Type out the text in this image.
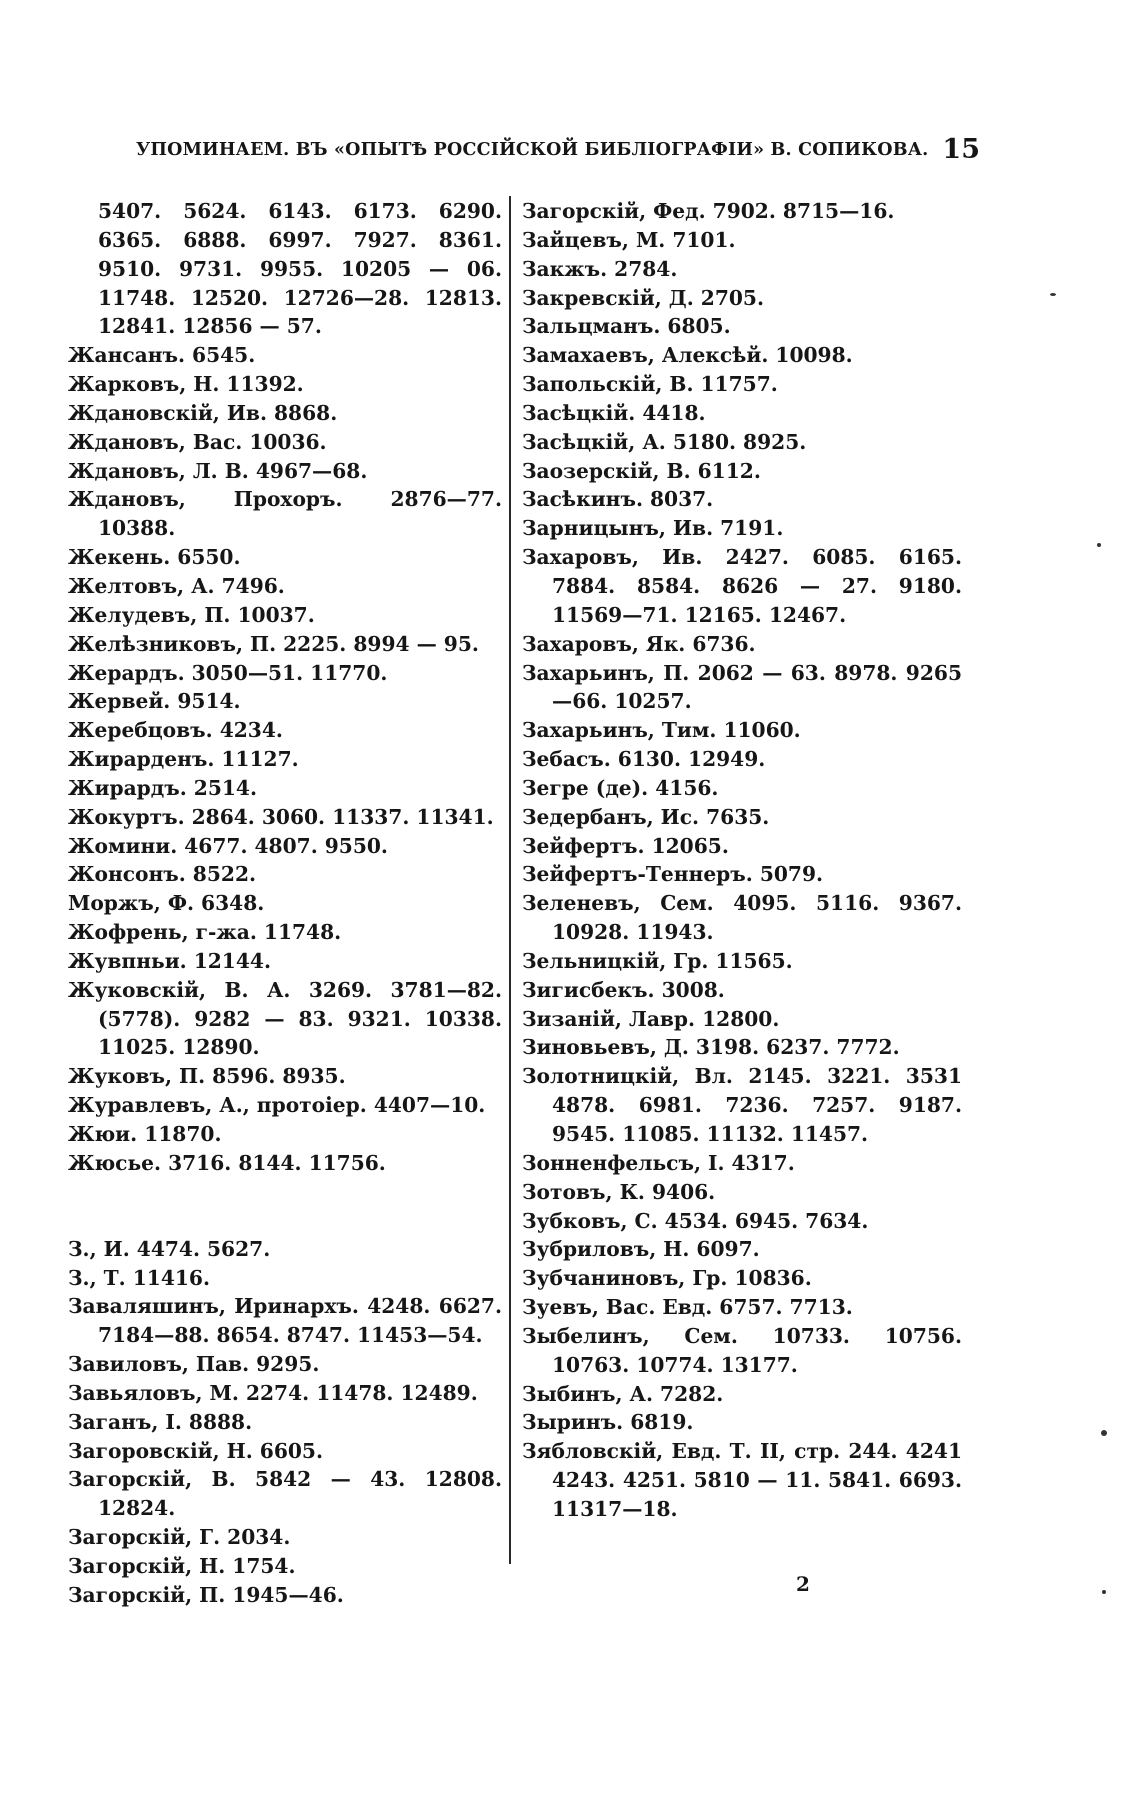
УПОМИНАЕМ. ВЪ «ОПЫТѢ РОССІЙСКОЙ БИБЛІОГРАФІИ» В. СОПИКОВА. 15

5407. 5624. 6143. 6173. 6290. 6365. 6888. 6997. 7927. 8361. 9510. 9731. 9955. 10205 — 06. 11748. 12520. 12726—28. 12813. 12841. 12856 — 57.

Жансанъ. 6545.

Жарковъ, Н. 11392.

Ждановскій, Ив. 8868.

Ждановъ, Вас. 10036.

Ждановъ, Л. В. 4967—68.

Ждановъ, Прохоръ. 2876—77. 10388.

Жекень. 6550.

Желтовъ, А. 7496.

Желудевъ, П. 10037.

Желѣзниковъ, П. 2225. 8994 — 95.

Жерардъ. 3050—51. 11770.

Жервей. 9514.

Жеребцовъ. 4234.

Жирарденъ. 11127.

Жирардъ. 2514.

Жокуртъ. 2864. 3060. 11337. 11341.

Жомини. 4677. 4807. 9550.

Жонсонъ. 8522.

Моржъ, Ф. 6348.

Жофрень, г-жа. 11748.

Жувпньи. 12144.

Жуковскій, В. А. 3269. 3781—82. (5778). 9282 — 83. 9321. 10338. 11025. 12890.

Жуковъ, П. 8596. 8935.

Журавлевъ, А., протоіер. 4407—10.

Жюи. 11870.

Жюсье. 3716. 8144. 11756.

З., И. 4474. 5627.

З., Т. 11416.

Заваляшинъ, Иринархъ. 4248. 6627. 7184—88. 8654. 8747. 11453—54.

Завиловъ, Пав. 9295.

Завьяловъ, М. 2274. 11478. 12489.

Заганъ, І. 8888.

Загоровскій, Н. 6605.

Загорскій, В. 5842 — 43. 12808. 12824.

Загорскій, Г. 2034.

Загорскій, Н. 1754.

Загорскій, П. 1945—46.

Загорскій, Фед. 7902. 8715—16.

Зайцевъ, М. 7101.

Закжъ. 2784.

Закревскій, Д. 2705.

Зальцманъ. 6805.

Замахаевъ, Алексѣй. 10098.

Запольскій, В. 11757.

Засѣцкій. 4418.

Засѣцкій, А. 5180. 8925.

Заозерскій, В. 6112.

Засѣкинъ. 8037.

Зарницынъ, Ив. 7191.

Захаровъ, Ив. 2427. 6085. 6165. 7884. 8584. 8626 — 27. 9180. 11569—71. 12165. 12467.

Захаровъ, Як. 6736.

Захарьинъ, П. 2062 — 63. 8978. 9265—66. 10257.

Захарьинъ, Тим. 11060.

Зебасъ. 6130. 12949.

Зегре (де). 4156.

Зедербанъ, Ис. 7635.

Зейфертъ. 12065.

Зейфертъ-Теннеръ. 5079.

Зеленевъ, Сем. 4095. 5116. 9367. 10928. 11943.

Зельницкій, Гр. 11565.

Зигисбекъ. 3008.

Зизаній, Лавр. 12800.

Зиновьевъ, Д. 3198. 6237. 7772.

Золотницкій, Вл. 2145. 3221. 3531 4878. 6981. 7236. 7257. 9187. 9545. 11085. 11132. 11457.

Зонненфельсъ, І. 4317.

Зотовъ, К. 9406.

Зубковъ, С. 4534. 6945. 7634.

Зубриловъ, Н. 6097.

Зубчаниновъ, Гр. 10836.

Зуевъ, Вас. Евд. 6757. 7713.

Зыбелинъ, Сем. 10733. 10756. 10763. 10774. 13177.

Зыбинъ, А. 7282.

Зыринъ. 6819.

Зябловскій, Евд. Т. II, стр. 244. 4241 4243. 4251. 5810 — 11. 5841. 6693. 11317—18.

2
